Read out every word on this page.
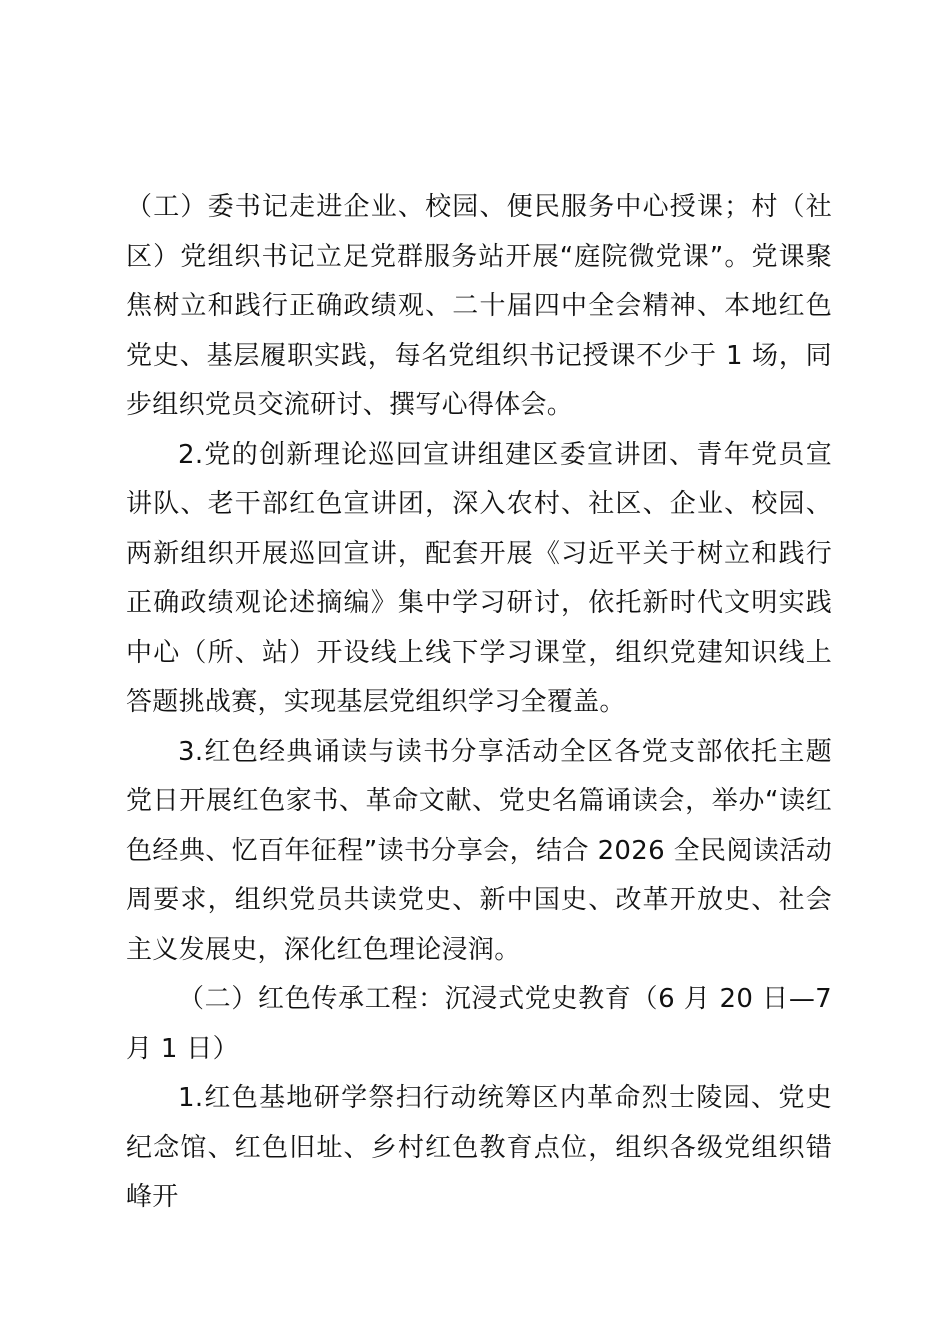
（工）委书记走进企业、校园、便民服务中心授课；村（社区）党组织书记立足党群服务站开展“庭院微党课”。党课聚焦树立和践行正确政绩观、二十届四中全会精神、本地红色党史、基层履职实践，每名党组织书记授课不少于 1 场，同步组织党员交流研讨、撰写心得体会。

2.党的创新理论巡回宣讲组建区委宣讲团、青年党员宣讲队、老干部红色宣讲团，深入农村、社区、企业、校园、两新组织开展巡回宣讲，配套开展《习近平关于树立和践行正确政绩观论述摘编》集中学习研讨，依托新时代文明实践中心（所、站）开设线上线下学习课堂，组织党建知识线上答题挑战赛，实现基层党组织学习全覆盖。

3.红色经典诵读与读书分享活动全区各党支部依托主题党日开展红色家书、革命文献、党史名篇诵读会，举办“读红色经典、忆百年征程”读书分享会，结合 2026 全民阅读活动周要求，组织党员共读党史、新中国史、改革开放史、社会主义发展史，深化红色理论浸润。

（二）红色传承工程：沉浸式党史教育（6 月 20 日—7 月 1 日）

1.红色基地研学祭扫行动统筹区内革命烈士陵园、党史纪念馆、红色旧址、乡村红色教育点位，组织各级党组织错峰开
